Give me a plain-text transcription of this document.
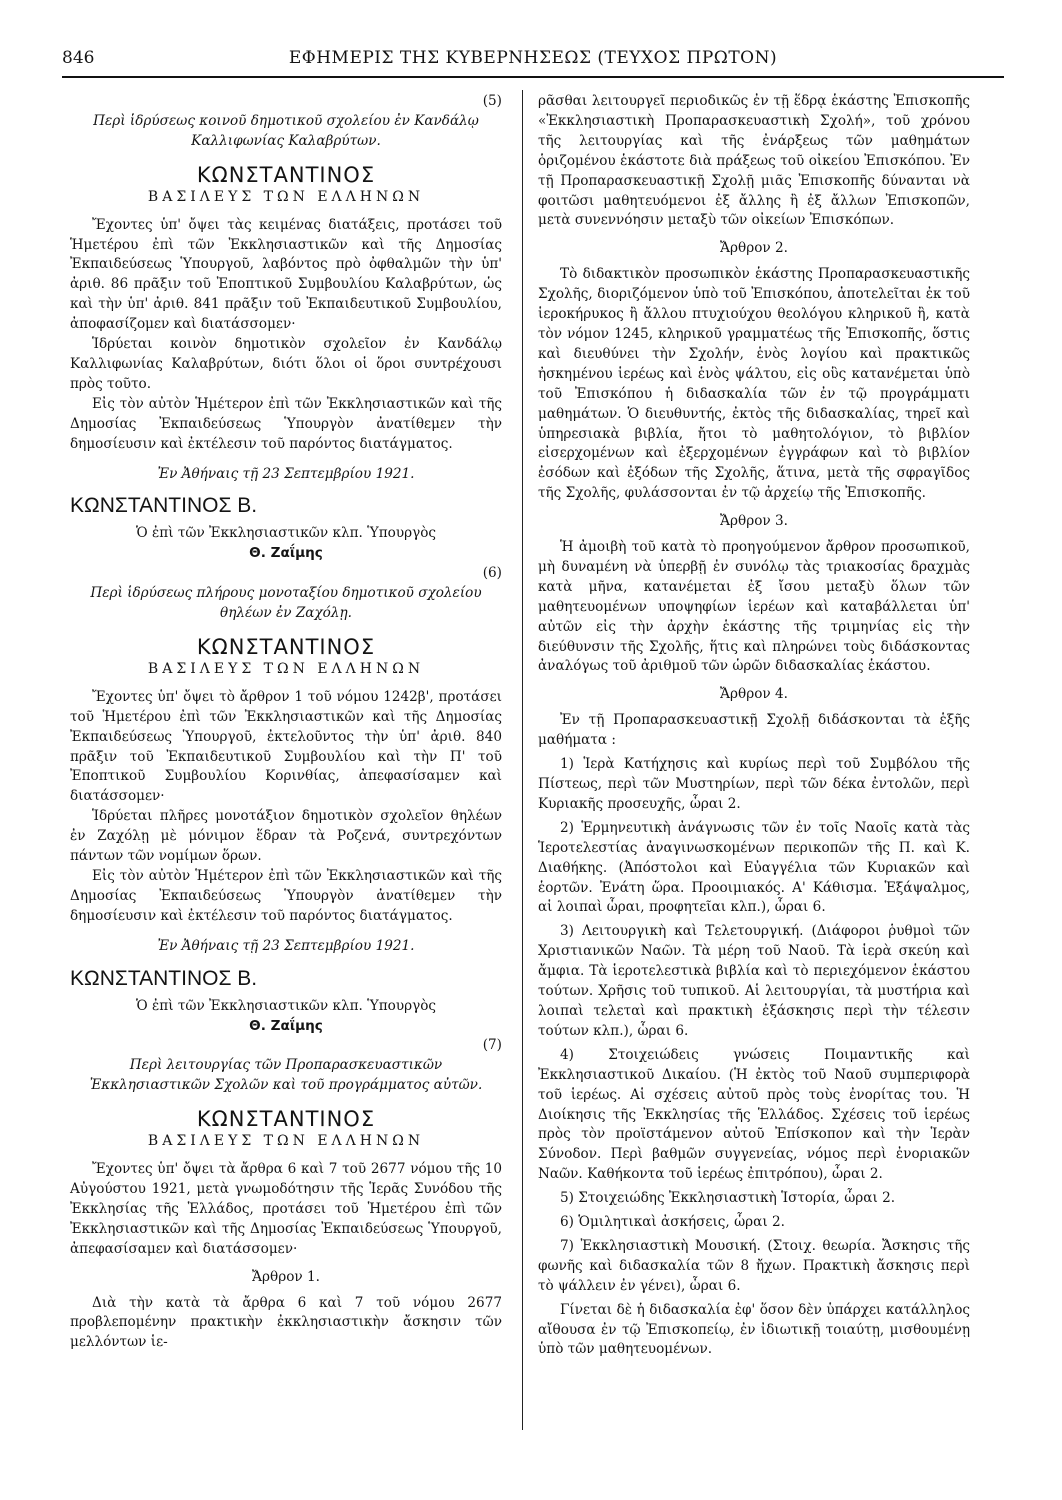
846	ΕΦΗΜΕΡΙΣ ΤΗΣ ΚΥΒΕΡΝΗΣΕΩΣ (ΤΕΥΧΟΣ ΠΡΩΤΟΝ)

(5)

Περὶ ἱδρύσεως κοινοῦ δημοτικοῦ σχολείου ἐν Κανδάλῳ Καλλιφωνίας Καλαβρύτων.

ΚΩΝΣΤΑΝΤΙΝΟΣ
ΒΑΣΙΛΕΥΣ ΤΩΝ ΕΛΛΗΝΩΝ

Ἔχοντες ὑπ' ὄψει τὰς κειμένας διατάξεις, προτάσει τοῦ Ἡμετέρου ἐπὶ τῶν Ἐκκλησιαστικῶν καὶ τῆς Δημοσίας Ἐκπαιδεύσεως Ὑπουργοῦ, λαβόντος πρὸ ὀφθαλμῶν τὴν ὑπ' ἀριθ. 86 πρᾶξιν τοῦ Ἐποπτικοῦ Συμβουλίου Καλαβρύτων, ὡς καὶ τὴν ὑπ' ἀριθ. 841 πρᾶξιν τοῦ Ἐκπαιδευτικοῦ Συμβουλίου, ἀποφασίζομεν καὶ διατάσσομεν·

Ἱδρύεται κοινὸν δημοτικὸν σχολεῖον ἐν Κανδάλῳ Καλλιφωνίας Καλαβρύτων, διότι ὅλοι οἱ ὅροι συντρέχουσι πρὸς τοῦτο.

Εἰς τὸν αὐτὸν Ἡμέτερον ἐπὶ τῶν Ἐκκλησιαστικῶν καὶ τῆς Δημοσίας Ἐκπαιδεύσεως Ὑπουργὸν ἀνατίθεμεν τὴν δημοσίευσιν καὶ ἐκτέλεσιν τοῦ παρόντος διατάγματος.

Ἐν Ἀθήναις τῇ 23 Σεπτεμβρίου 1921.

ΚΩΝΣΤΑΝΤΙΝΟΣ Β.

Ὁ ἐπὶ τῶν Ἐκκλησιαστικῶν κλπ. Ὑπουργὸς

Θ. Ζαΐμης

(6)

Περὶ ἱδρύσεως πλήρους μονοταξίου δημοτικοῦ σχολείου θηλέων ἐν Ζαχόλῃ.

ΚΩΝΣΤΑΝΤΙΝΟΣ
ΒΑΣΙΛΕΥΣ ΤΩΝ ΕΛΛΗΝΩΝ

Ἔχοντες ὑπ' ὄψει τὸ ἄρθρον 1 τοῦ νόμου 1242β', προτάσει τοῦ Ἡμετέρου ἐπὶ τῶν Ἐκκλησιαστικῶν καὶ τῆς Δημοσίας Ἐκπαιδεύσεως Ὑπουργοῦ, ἐκτελοῦντος τὴν ὑπ' ἀριθ. 840 πρᾶξιν τοῦ Ἐκπαιδευτικοῦ Συμβουλίου καὶ τὴν Π' τοῦ Ἐποπτικοῦ Συμβουλίου Κορινθίας, ἀπεφασίσαμεν καὶ διατάσσομεν·

Ἱδρύεται πλῆρες μονοτάξιον δημοτικὸν σχολεῖον θηλέων ἐν Ζαχόλῃ μὲ μόνιμον ἕδραν τὰ Ροζενά, συντρεχόντων πάντων τῶν νομίμων ὅρων.

Εἰς τὸν αὐτὸν Ἡμέτερον ἐπὶ τῶν Ἐκκλησιαστικῶν καὶ τῆς Δημοσίας Ἐκπαιδεύσεως Ὑπουργὸν ἀνατίθεμεν τὴν δημοσίευσιν καὶ ἐκτέλεσιν τοῦ παρόντος διατάγματος.

Ἐν Ἀθήναις τῇ 23 Σεπτεμβρίου 1921.

ΚΩΝΣΤΑΝΤΙΝΟΣ Β.

Ὁ ἐπὶ τῶν Ἐκκλησιαστικῶν κλπ. Ὑπουργὸς

Θ. Ζαΐμης

(7)

Περὶ λειτουργίας τῶν Προπαρασκευαστικῶν Ἐκκλησιαστικῶν Σχολῶν καὶ τοῦ προγράμματος αὐτῶν.

ΚΩΝΣΤΑΝΤΙΝΟΣ
ΒΑΣΙΛΕΥΣ ΤΩΝ ΕΛΛΗΝΩΝ

Ἔχοντες ὑπ' ὄψει τὰ ἄρθρα 6 καὶ 7 τοῦ 2677 νόμου τῆς 10 Αὐγούστου 1921, μετὰ γνωμοδότησιν τῆς Ἱερᾶς Συνόδου τῆς Ἐκκλησίας τῆς Ἑλλάδος, προτάσει τοῦ Ἡμετέρου ἐπὶ τῶν Ἐκκλησιαστικῶν καὶ τῆς Δημοσίας Ἐκπαιδεύσεως Ὑπουργοῦ, ἀπεφασίσαμεν καὶ διατάσσομεν·

Ἄρθρον 1.

Διὰ τὴν κατὰ τὰ ἄρθρα 6 καὶ 7 τοῦ νόμου 2677 προβλεπομένην πρακτικὴν ἐκκλησιαστικὴν ἄσκησιν τῶν μελλόντων ἱε-

ρᾶσθαι λειτουργεῖ περιοδικῶς ἐν τῇ ἕδρᾳ ἑκάστης Ἐπισκοπῆς «Ἐκκλησιαστικὴ Προπαρασκευαστικὴ Σχολή», τοῦ χρόνου τῆς λειτουργίας καὶ τῆς ἐνάρξεως τῶν μαθημάτων ὁριζομένου ἑκάστοτε διὰ πράξεως τοῦ οἰκείου Ἐπισκόπου. Ἐν τῇ Προπαρασκευαστικῇ Σχολῇ μιᾶς Ἐπισκοπῆς δύνανται νὰ φοιτῶσι μαθητευόμενοι ἐξ ἄλλης ἢ ἐξ ἄλλων Ἐπισκοπῶν, μετὰ συνεννόησιν μεταξὺ τῶν οἰκείων Ἐπισκόπων.

Ἄρθρον 2.

Τὸ διδακτικὸν προσωπικὸν ἑκάστης Προπαρασκευαστικῆς Σχολῆς, διοριζόμενον ὑπὸ τοῦ Ἐπισκόπου, ἀποτελεῖται ἐκ τοῦ ἱεροκήρυκος ἢ ἄλλου πτυχιούχου θεολόγου κληρικοῦ ἢ, κατὰ τὸν νόμον 1245, κληρικοῦ γραμματέως τῆς Ἐπισκοπῆς, ὅστις καὶ διευθύνει τὴν Σχολήν, ἑνὸς λογίου καὶ πρακτικῶς ἠσκημένου ἱερέως καὶ ἑνὸς ψάλτου, εἰς οὓς κατανέμεται ὑπὸ τοῦ Ἐπισκόπου ἡ διδασκαλία τῶν ἐν τῷ προγράμματι μαθημάτων. Ὁ διευθυντής, ἐκτὸς τῆς διδασκαλίας, τηρεῖ καὶ ὑπηρεσιακὰ βιβλία, ἤτοι τὸ μαθητολόγιον, τὸ βιβλίον εἰσερχομένων καὶ ἐξερχομένων ἐγγράφων καὶ τὸ βιβλίον ἐσόδων καὶ ἐξόδων τῆς Σχολῆς, ἅτινα, μετὰ τῆς σφραγῖδος τῆς Σχολῆς, φυλάσσονται ἐν τῷ ἀρχείῳ τῆς Ἐπισκοπῆς.

Ἄρθρον 3.

Ἡ ἀμοιβὴ τοῦ κατὰ τὸ προηγούμενον ἄρθρον προσωπικοῦ, μὴ δυναμένη νὰ ὑπερβῇ ἐν συνόλῳ τὰς τριακοσίας δραχμὰς κατὰ μῆνα, κατανέμεται ἐξ ἴσου μεταξὺ ὅλων τῶν μαθητευομένων υποψηφίων ἱερέων καὶ καταβάλλεται ὑπ' αὐτῶν εἰς τὴν ἀρχὴν ἑκάστης τῆς τριμηνίας εἰς τὴν διεύθυνσιν τῆς Σχολῆς, ἥτις καὶ πληρώνει τοὺς διδάσκοντας ἀναλόγως τοῦ ἀριθμοῦ τῶν ὡρῶν διδασκαλίας ἑκάστου.

Ἄρθρον 4.

Ἐν τῇ Προπαρασκευαστικῇ Σχολῇ διδάσκονται τὰ ἑξῆς μαθήματα :

1) Ἱερὰ Κατήχησις καὶ κυρίως περὶ τοῦ Συμβόλου τῆς Πίστεως, περὶ τῶν Μυστηρίων, περὶ τῶν δέκα ἐντολῶν, περὶ Κυριακῆς προσευχῆς, ὧραι 2.

2) Ἑρμηνευτικὴ ἀνάγνωσις τῶν ἐν τοῖς Ναοῖς κατὰ τὰς Ἱεροτελεστίας ἀναγινωσκομένων περικοπῶν τῆς Π. καὶ Κ. Διαθήκης. (Ἀπόστολοι καὶ Εὐαγγέλια τῶν Κυριακῶν καὶ ἑορτῶν. Ἐνάτη ὥρα. Προοιμιακός. Α' Κάθισμα. Ἑξάψαλμος, αἱ λοιπαὶ ὧραι, προφητεῖαι κλπ.), ὧραι 6.

3) Λειτουργικὴ καὶ Τελετουργική. (Διάφοροι ῥυθμοὶ τῶν Χριστιανικῶν Ναῶν. Τὰ μέρη τοῦ Ναοῦ. Τὰ ἱερὰ σκεύη καὶ ἄμφια. Τὰ ἱεροτελεστικὰ βιβλία καὶ τὸ περιεχόμενον ἑκάστου τούτων. Χρῆσις τοῦ τυπικοῦ. Αἱ λειτουργίαι, τὰ μυστήρια καὶ λοιπαὶ τελεταὶ καὶ πρακτικὴ ἐξάσκησις περὶ τὴν τέλεσιν τούτων κλπ.), ὧραι 6.

4) Στοιχειώδεις γνώσεις Ποιμαντικῆς καὶ Ἐκκλησιαστικοῦ Δικαίου. (Ἡ ἐκτὸς τοῦ Ναοῦ συμπεριφορὰ τοῦ ἱερέως. Αἱ σχέσεις αὐτοῦ πρὸς τοὺς ἐνορίτας του. Ἡ Διοίκησις τῆς Ἐκκλησίας τῆς Ἑλλάδος. Σχέσεις τοῦ ἱερέως πρὸς τὸν προϊστάμενον αὐτοῦ Ἐπίσκοπον καὶ τὴν Ἱερὰν Σύνοδον. Περὶ βαθμῶν συγγενείας, νόμος περὶ ἐνοριακῶν Ναῶν. Καθήκοντα τοῦ ἱερέως ἐπιτρόπου), ὧραι 2.

5) Στοιχειώδης Ἐκκλησιαστικὴ Ἱστορία, ὧραι 2.

6) Ὁμιλητικαὶ ἀσκήσεις, ὧραι 2.

7) Ἐκκλησιαστικὴ Μουσική. (Στοιχ. θεωρία. Ἄσκησις τῆς φωνῆς καὶ διδασκαλία τῶν 8 ἤχων. Πρακτικὴ ἄσκησις περὶ τὸ ψάλλειν ἐν γένει), ὧραι 6.

Γίνεται δὲ ἡ διδασκαλία ἐφ' ὅσον δὲν ὑπάρχει κατάλληλος αἴθουσα ἐν τῷ Ἐπισκοπείῳ, ἐν ἰδιωτικῇ τοιαύτῃ, μισθουμένῃ ὑπὸ τῶν μαθητευομένων.
